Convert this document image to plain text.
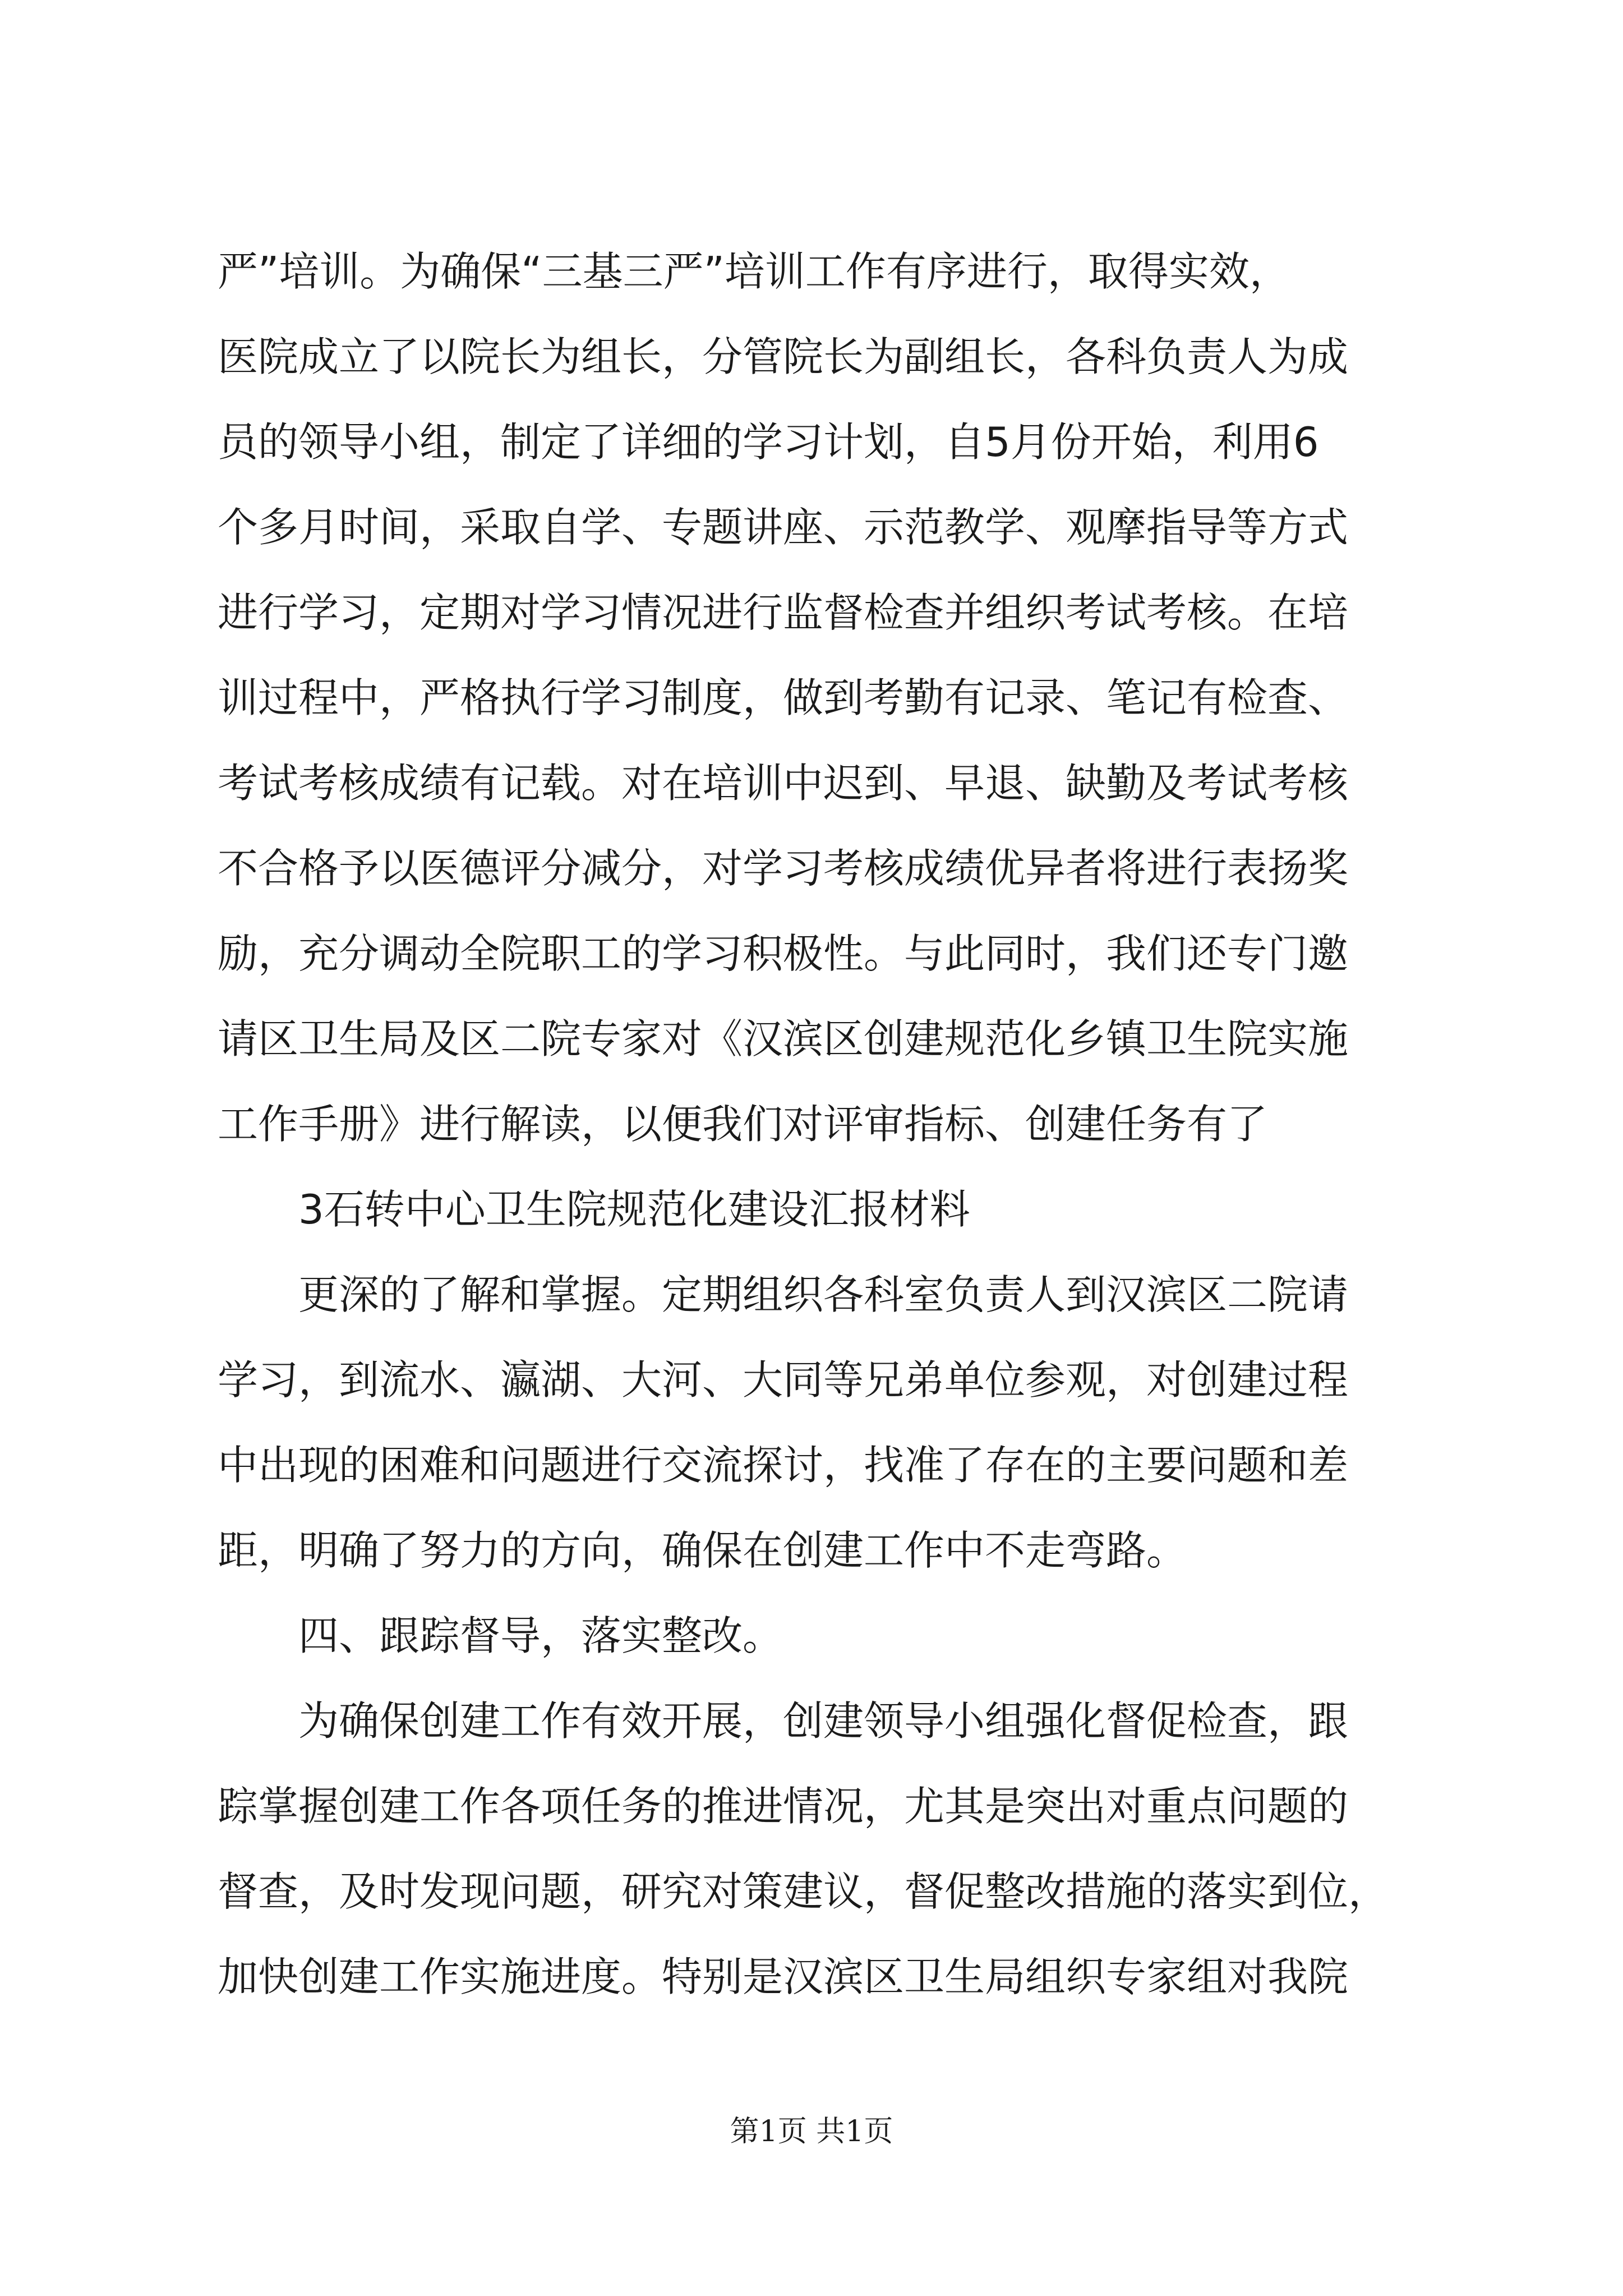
严”培训。为确保“三基三严”培训工作有序进行，取得实效，
医院成立了以院长为组长，分管院长为副组长，各科负责人为成
员的领导小组，制定了详细的学习计划，自5月份开始，利用6
个多月时间，采取自学、专题讲座、示范教学、观摩指导等方式
进行学习，定期对学习情况进行监督检查并组织考试考核。在培
训过程中，严格执行学习制度，做到考勤有记录、笔记有检查、
考试考核成绩有记载。对在培训中迟到、早退、缺勤及考试考核
不合格予以医德评分减分，对学习考核成绩优异者将进行表扬奖
励，充分调动全院职工的学习积极性。与此同时，我们还专门邀
请区卫生局及区二院专家对《汉滨区创建规范化乡镇卫生院实施
工作手册》进行解读，以便我们对评审指标、创建任务有了
3石转中心卫生院规范化建设汇报材料
更深的了解和掌握。定期组织各科室负责人到汉滨区二院请
学习，到流水、瀛湖、大河、大同等兄弟单位参观，对创建过程
中出现的困难和问题进行交流探讨，找准了存在的主要问题和差
距，明确了努力的方向，确保在创建工作中不走弯路。
四、跟踪督导，落实整改。
为确保创建工作有效开展，创建领导小组强化督促检查，跟
踪掌握创建工作各项任务的推进情况，尤其是突出对重点问题的
督查，及时发现问题，研究对策建议，督促整改措施的落实到位，
加快创建工作实施进度。特别是汉滨区卫生局组织专家组对我院
第1页 共1页
